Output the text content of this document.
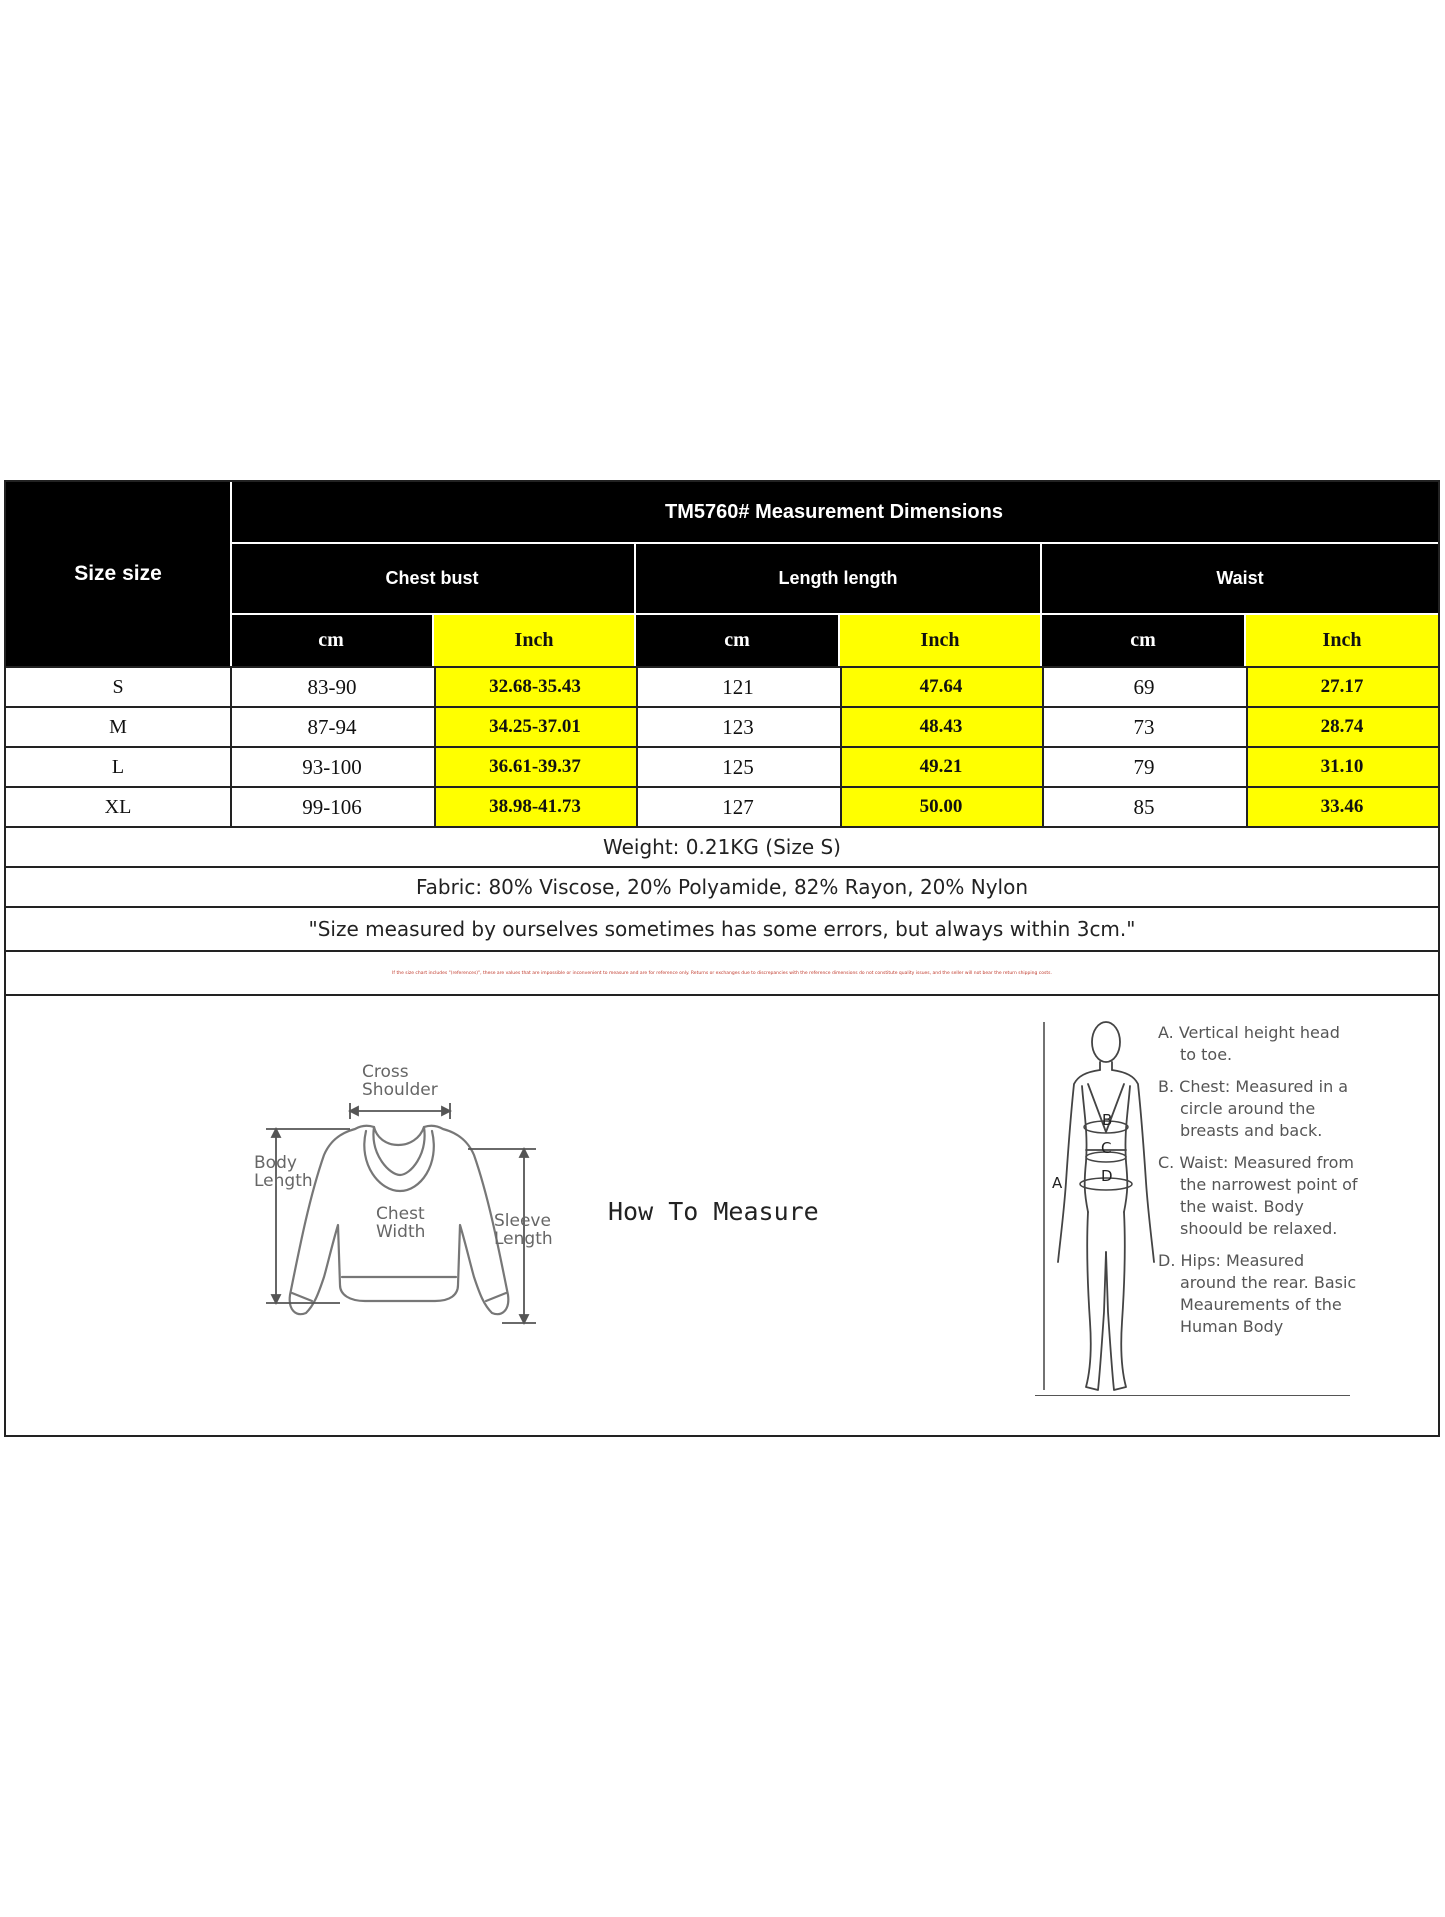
Size size
TM5760# Measurement Dimensions
Chest bust	Length length	Waist
cm	Inch	cm	Inch	cm	Inch
S	83-90	32.68-35.43	121	47.64	69	27.17
M	87-94	34.25-37.01	123	48.43	73	28.74
L	93-100	36.61-39.37	125	49.21	79	31.10
XL	99-106	38.98-41.73	127	50.00	85	33.46
Weight: 0.21KG (Size S)
Fabric: 80% Viscose, 20% Polyamide, 82% Rayon, 20% Nylon
"Size measured by ourselves sometimes has some errors, but always within 3cm."
If the size chart includes "(references)", these are values that are impossible or inconvenient to measure and are for reference only. Returns or exchanges due to discrepancies with the reference dimensions do not constitute quality issues, and the seller will not bear the return shipping costs.
Cross
Shoulder
Body
Length
Chest
Width
Sleeve
Length
How To Measure
B
C
D
A

A. Vertical height head to toe.

B. Chest: Measured in a circle around the breasts and back.

C. Waist: Measured from the narrowest point of the waist. Body shoould be relaxed.

D. Hips: Measured around the rear. Basic Meaurements of the Human Body
